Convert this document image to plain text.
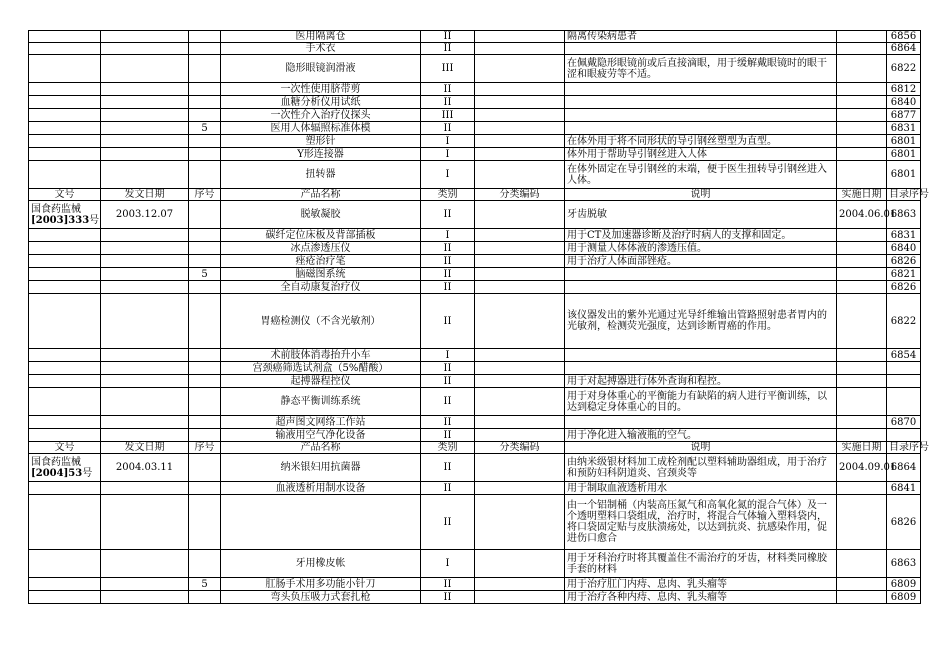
			医用隔离仓	II		隔离传染病患者		6856
			手术衣	II				6864
			隐形眼镜润滑液	III		在佩戴隐形眼镜前或后直接滴眼，用于缓解戴眼镜时的眼干涩和眼疲劳等不适。		6822
			一次性使用脐带剪	II				6812
			血糖分析仪用试纸	II				6840
			一次性介入治疗仪探头	III				6877
		5	医用人体辐照标准体模	II				6831
			塑形针	I		在体外用于将不同形状的导引钢丝塑型为直型。		6801
			Y形连接器	I		体外用于帮助导引钢丝进入人体		6801
			扭转器	I		在体外固定在导引钢丝的末端，便于医生扭转导引钢丝进入人体。		6801
文号	发文日期	序号	产品名称	类别	分类编码	说明	实施日期	目录序号
国食药监械
[2003]333号	2003.12.07		脱敏凝胶	II		牙齿脱敏	2004.06.01	6863
			碳纤定位床板及背部插板	I		用于CT及加速器诊断及治疗时病人的支撑和固定。		6831
			冰点渗透压仪	II		用于测量人体体液的渗透压值。		6840
			痤疮治疗笔	II		用于治疗人体面部锉疮。		6826
		5	脑磁图系统	II				6821
			全自动康复治疗仪	II				6826
			胃癌检测仪（不含光敏剂）	II		该仪器发出的紫外光通过光导纤维输出管路照射患者胃内的光敏剂，检测荧光强度，达到诊断胃癌的作用。		6822
			术前肢体消毒抬升小车	I				6854
			宫颈癌筛选试剂盒（5%醋酸）	II				
			起搏器程控仪	II		用于对起搏器进行体外查询和程控。		
			静态平衡训练系统	II		用于对身体重心的平衡能力有缺陷的病人进行平衡训练，以达到稳定身体重心的目的。		
			超声图文网络工作站	II				6870
			输液用空气净化设备	II		用于净化进入输液瓶的空气。		
文号	发文日期	序号	产品名称	类别	分类编码	说明	实施日期	目录序号
国食药监械
[2004]53号	2004.03.11		纳米银妇用抗菌器	II		由纳米级银材料加工成栓剂配以塑料辅助器组成，用于治疗和预防妇科阴道炎、宫颈炎等	2004.09.01	6864
			血液透析用制水设备	II		用于制取血液透析用水		6841
				II		由一个铝制桶（内装高压氮气和高氧化氮的混合气体）及一个透明塑料口袋组成，治疗时，将混合气体输入塑料袋内，将口袋固定贴与皮肤溃疡处，以达到抗炎、抗感染作用，促进伤口愈合		6826
			牙用橡皮帐	I		用于牙科治疗时将其覆盖住不需治疗的牙齿，材料类同橡胶手套的材料		6863
		5	肛肠手术用多功能小针刀	II		用于治疗肛门内痔、息肉、乳头瘤等		6809
			弯头负压吸力式套扎枪	II		用于治疗各种内痔、息肉、乳头瘤等		6809
